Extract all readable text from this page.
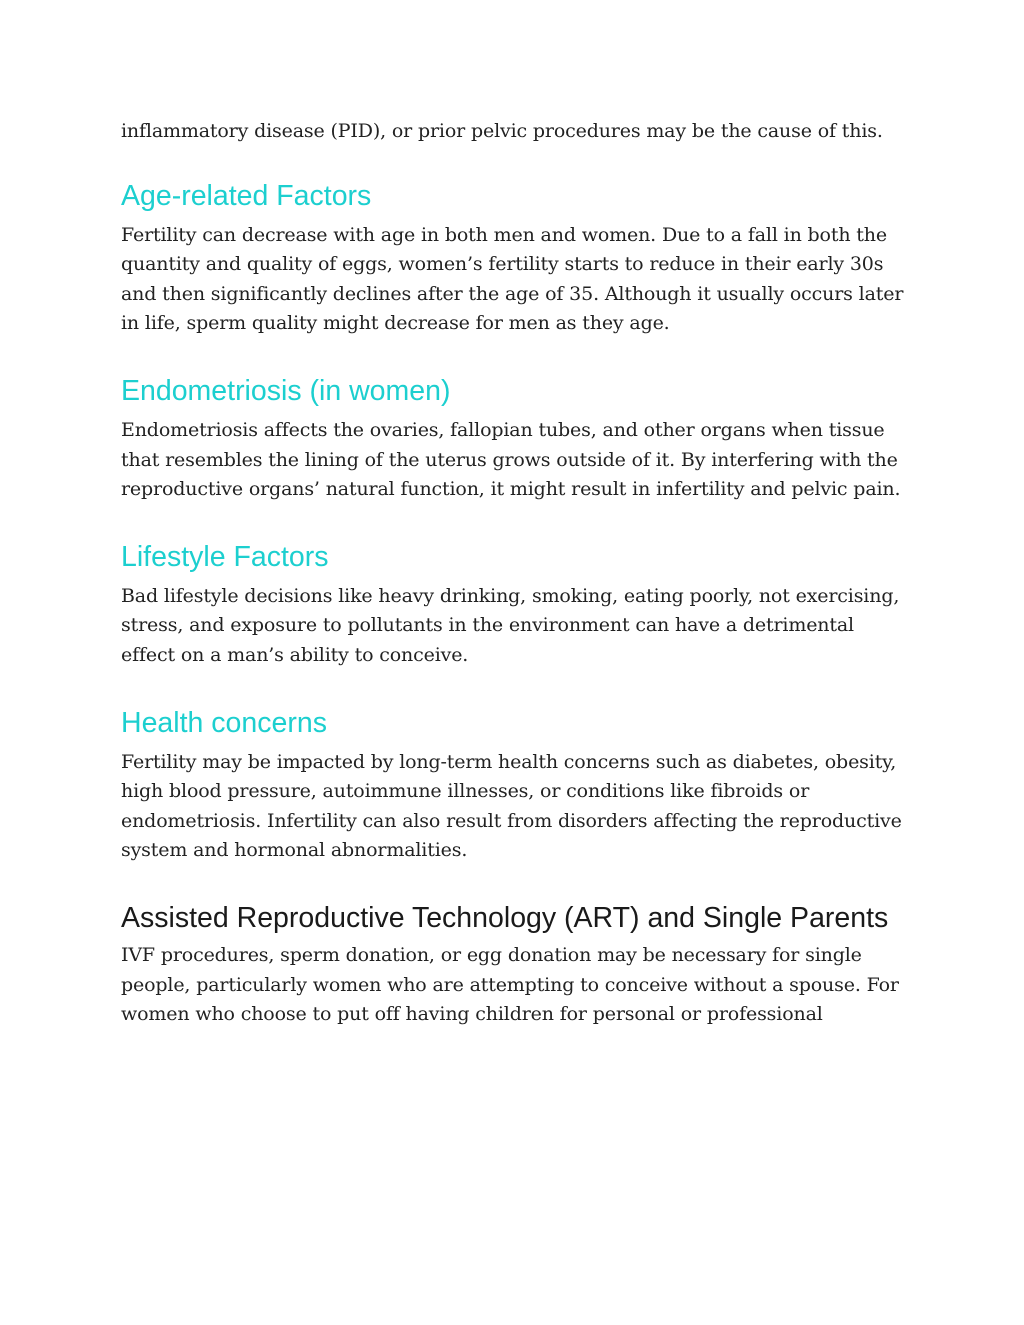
inflammatory disease (PID), or prior pelvic procedures may be the cause of this.

Age-related Factors

Fertility can decrease with age in both men and women. Due to a fall in both the quantity and quality of eggs, women’s fertility starts to reduce in their early 30s and then significantly declines after the age of 35. Although it usually occurs later in life, sperm quality might decrease for men as they age.

Endometriosis (in women)

Endometriosis affects the ovaries, fallopian tubes, and other organs when tissue that resembles the lining of the uterus grows outside of it. By interfering with the reproductive organs’ natural function, it might result in infertility and pelvic pain.

Lifestyle Factors

Bad lifestyle decisions like heavy drinking, smoking, eating poorly, not exercising, stress, and exposure to pollutants in the environment can have a detrimental effect on a man’s ability to conceive.

Health concerns

Fertility may be impacted by long-term health concerns such as diabetes, obesity, high blood pressure, autoimmune illnesses, or conditions like fibroids or endometriosis. Infertility can also result from disorders affecting the reproductive system and hormonal abnormalities.

Assisted Reproductive Technology (ART) and Single Parents

IVF procedures, sperm donation, or egg donation may be necessary for single people, particularly women who are attempting to conceive without a spouse. For women who choose to put off having children for personal or professional
